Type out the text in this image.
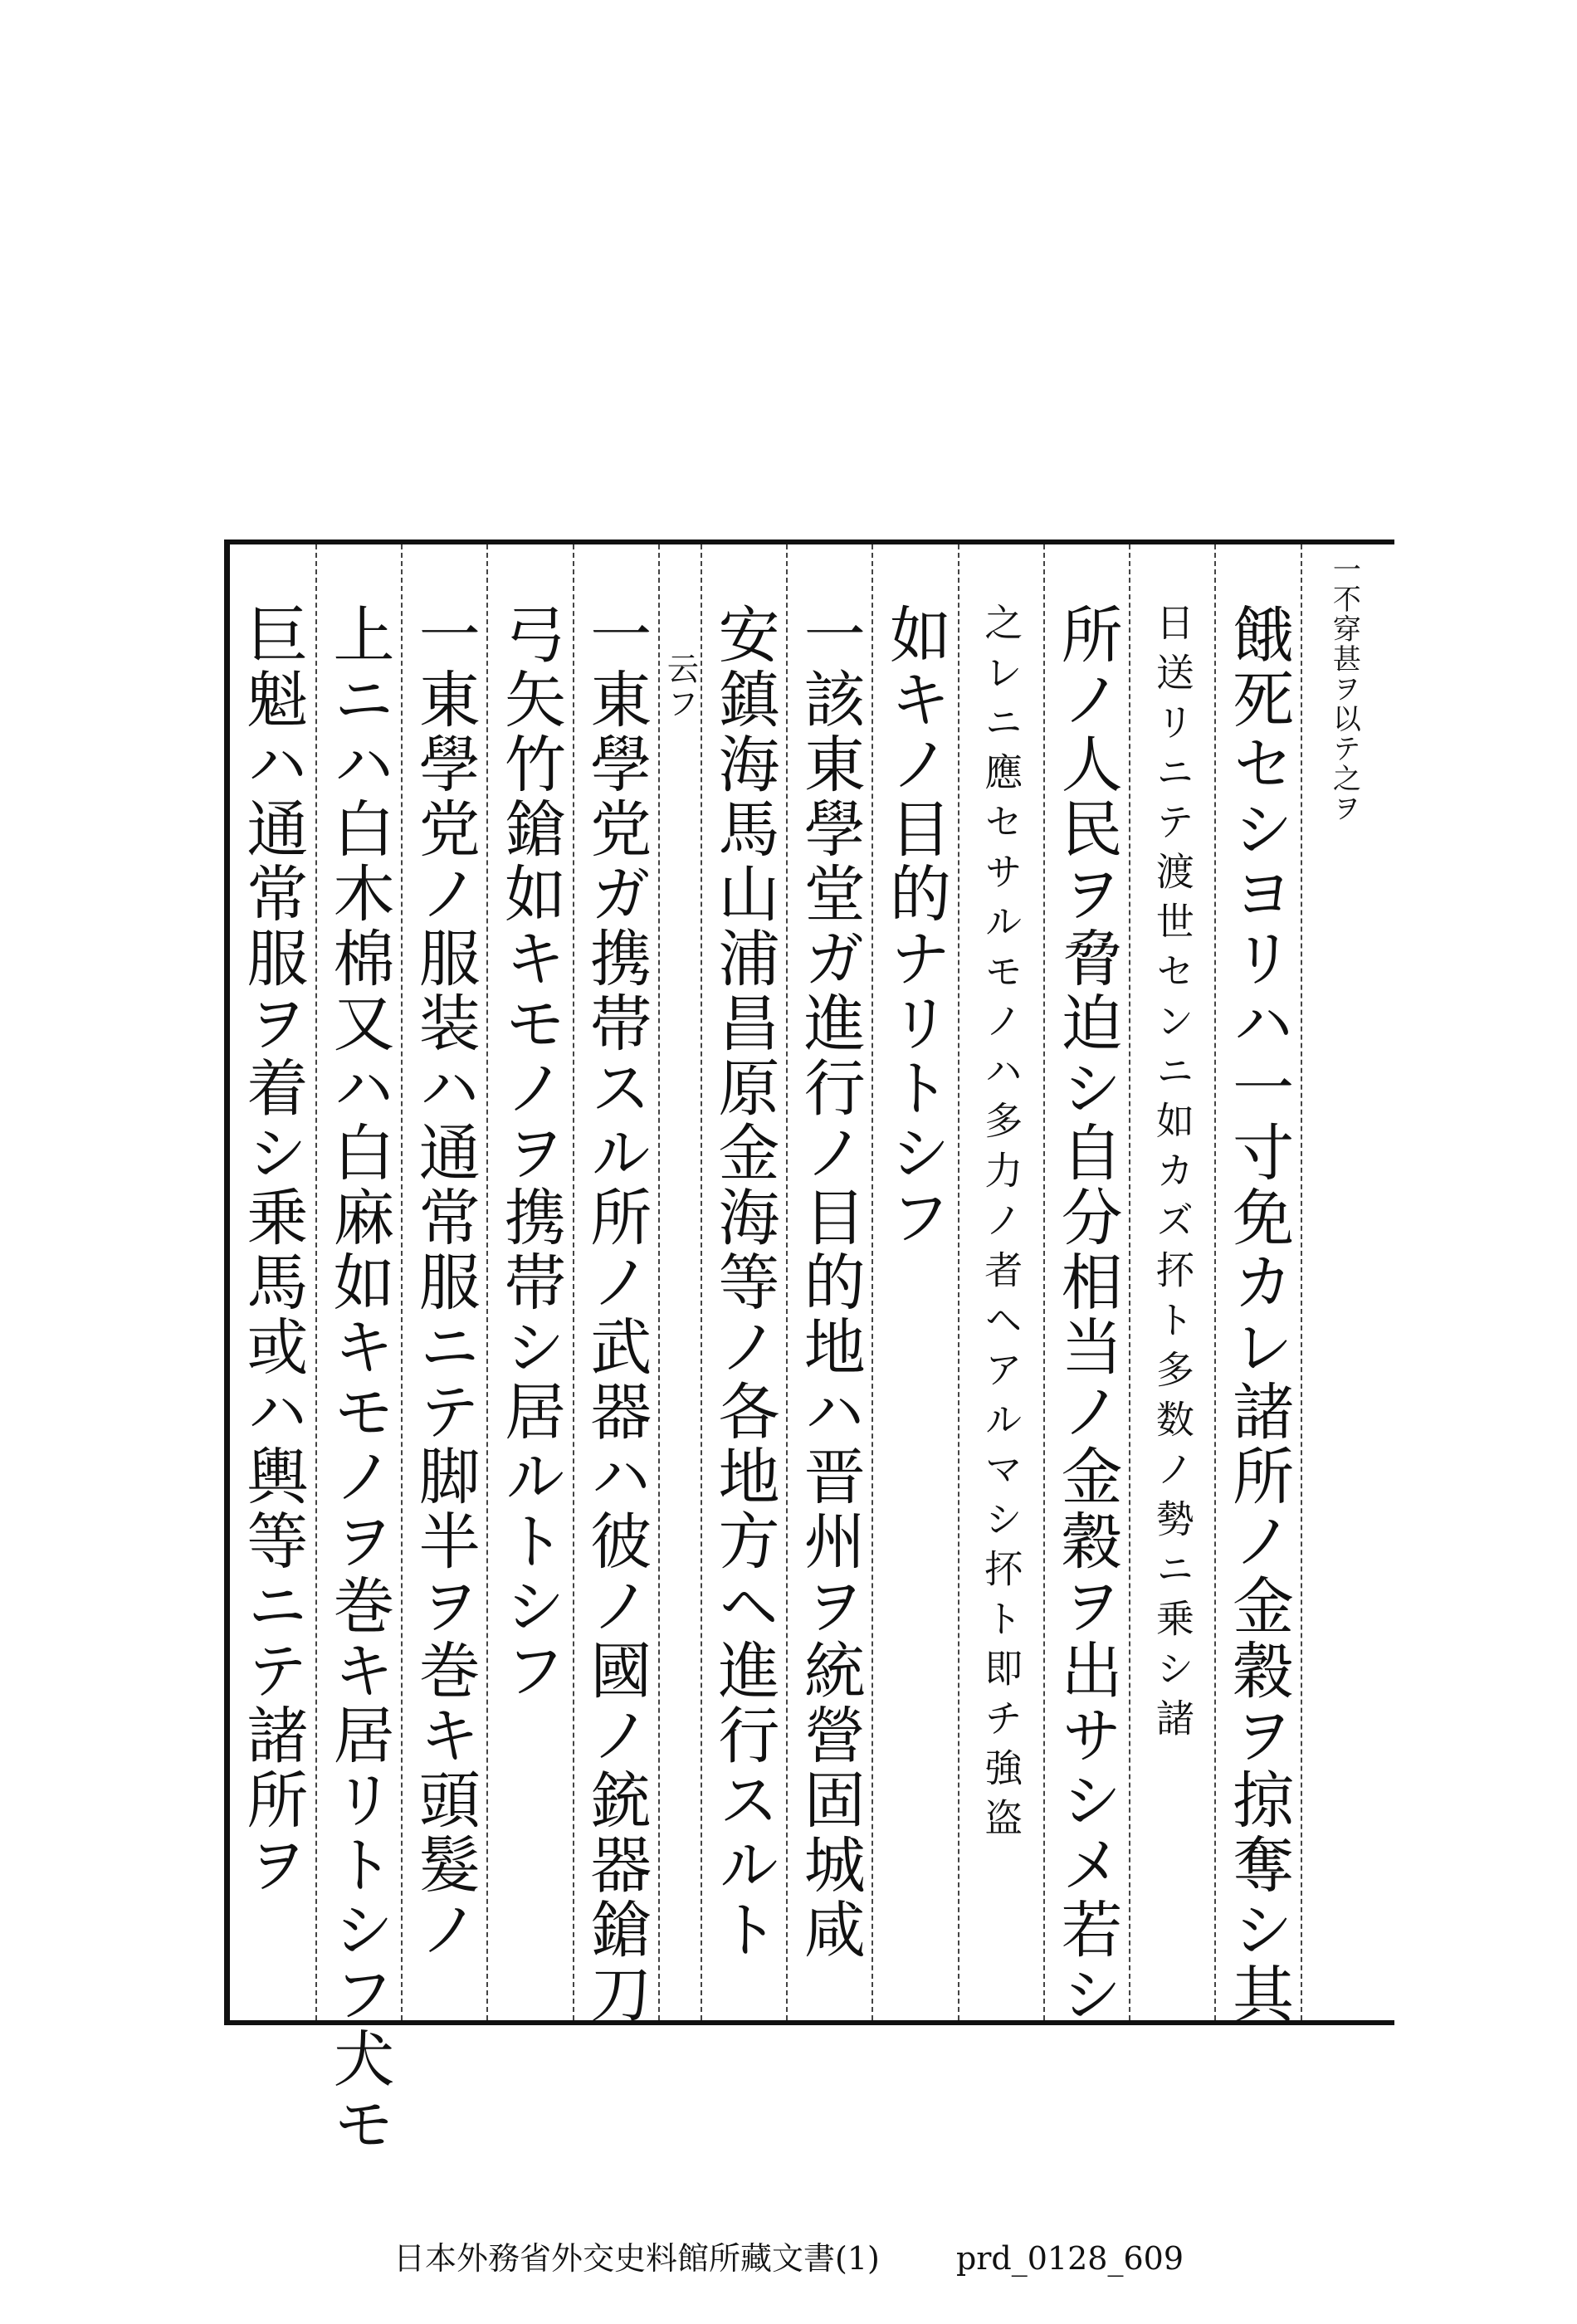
一不穿甚ヲ以テ之ヲ
餓死セシヨリハ一寸免カレ諸所ノ金穀ヲ掠奪シ其
日送リニテ渡世センニ如カズ抔ト多数ノ勢ニ乗シ諸
所ノ人民ヲ脅迫シ自分相当ノ金穀ヲ出サシメ若シ
之レニ應セサルモノハ多力ノ者ヘアルマシ抔ト即チ強盗
如キノ目的ナリトシフ
一該東學堂ガ進行ノ目的地ハ晋州ヲ統營固城咸
安鎮海馬山浦昌原金海等ノ各地方ヘ進行スルト
云フ
一東學党ガ携帯スル所ノ武器ハ彼ノ國ノ銃器鎗刀
弓矢竹鎗如キモノヲ携帯シ居ルトシフ
一東學党ノ服装ハ通常服ニテ脚半ヲ巻キ頭髮ノ
上ニハ白木棉又ハ白麻如キモノヲ巻キ居リトシフ犬モ
巨魁ハ通常服ヲ着シ乗馬或ハ輿等ニテ諸所ヲ
日本外務省外交史料館所藏文書(1) prd_0128_609
